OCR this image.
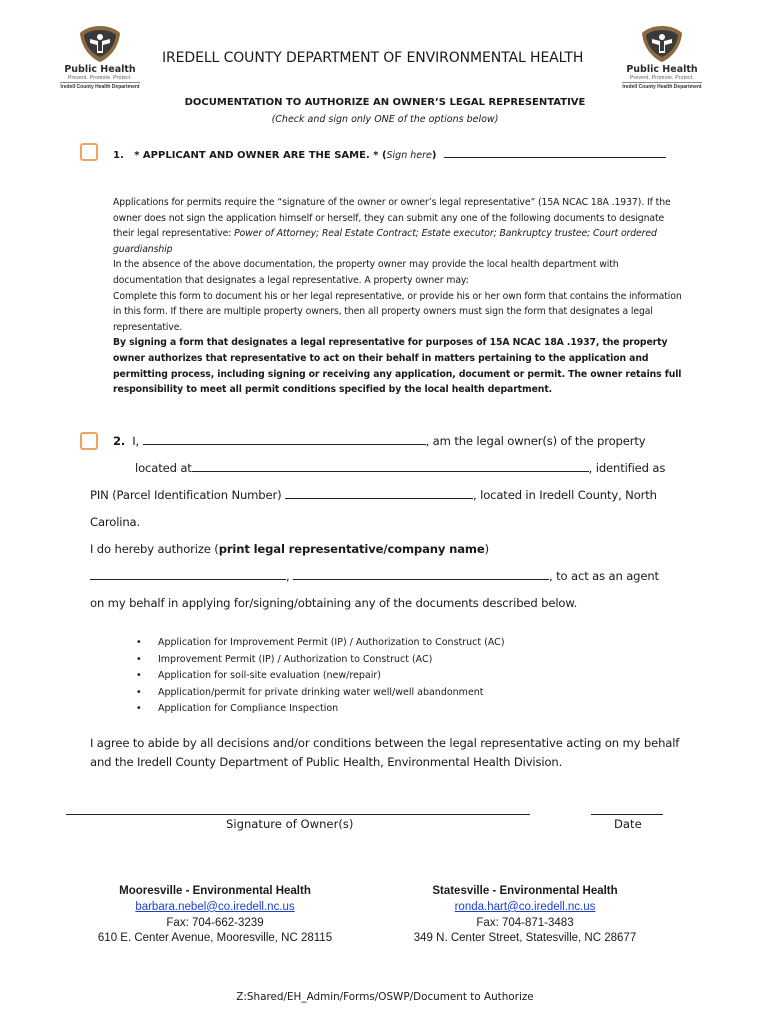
Public Health
Prevent. Promote. Protect.
Iredell County Health Department
Public Health
Prevent. Promote. Protect.
Iredell County Health Department
IREDELL COUNTY DEPARTMENT OF ENVIRONMENTAL HEALTH
DOCUMENTATION TO AUTHORIZE AN OWNER’S LEGAL REPRESENTATIVE
(Check and sign only ONE of the options below)
1. * APPLICANT AND OWNER ARE THE SAME. * (Sign here)

Applications for permits require the “signature of the owner or owner’s legal representative” (15A NCAC 18A .1937). If the owner does not sign the application himself or herself, they can submit any one of the following documents to designate their legal representative: Power of Attorney; Real Estate Contract; Estate executor; Bankruptcy trustee; Court ordered guardianship

In the absence of the above documentation, the property owner may provide the local health department with documentation that designates a legal representative. A property owner may:

Complete this form to document his or her legal representative, or provide his or her own form that contains the information in this form. If there are multiple property owners, then all property owners must sign the form that designates a legal representative.

By signing a form that designates a legal representative for purposes of 15A NCAC 18A .1937, the property owner authorizes that representative to act on their behalf in matters pertaining to the application and permitting process, including signing or receiving any application, document or permit. The owner retains full responsibility to meet all permit conditions specified by the local health department.

2. I,	, am the legal owner(s) of the property
located at	, identified as
PIN (Parcel Identification Number)	, located in Iredell County, North
Carolina.
I do hereby authorize (print legal representative/company name)
,	, to act as an agent
on my behalf in applying for/signing/obtaining any of the documents described below.
• Application for Improvement Permit (IP) / Authorization to Construct (AC)
• Improvement Permit (IP) / Authorization to Construct (AC)
• Application for soil-site evaluation (new/repair)
• Application/permit for private drinking water well/well abandonment
• Application for Compliance Inspection
I agree to abide by all decisions and/or conditions between the legal representative acting on my behalf and the Iredell County Department of Public Health, Environmental Health Division.
Signature of Owner(s)	Date
Mooresville - Environmental Health
barbara.nebel@co.iredell.nc.us
Fax: 704-662-3239
610 E. Center Avenue, Mooresville, NC 28115
Statesville - Environmental Health
ronda.hart@co.iredell.nc.us
Fax: 704-871-3483
349 N. Center Street, Statesville, NC 28677
Z:Shared/EH_Admin/Forms/OSWP/Document to Authorize
